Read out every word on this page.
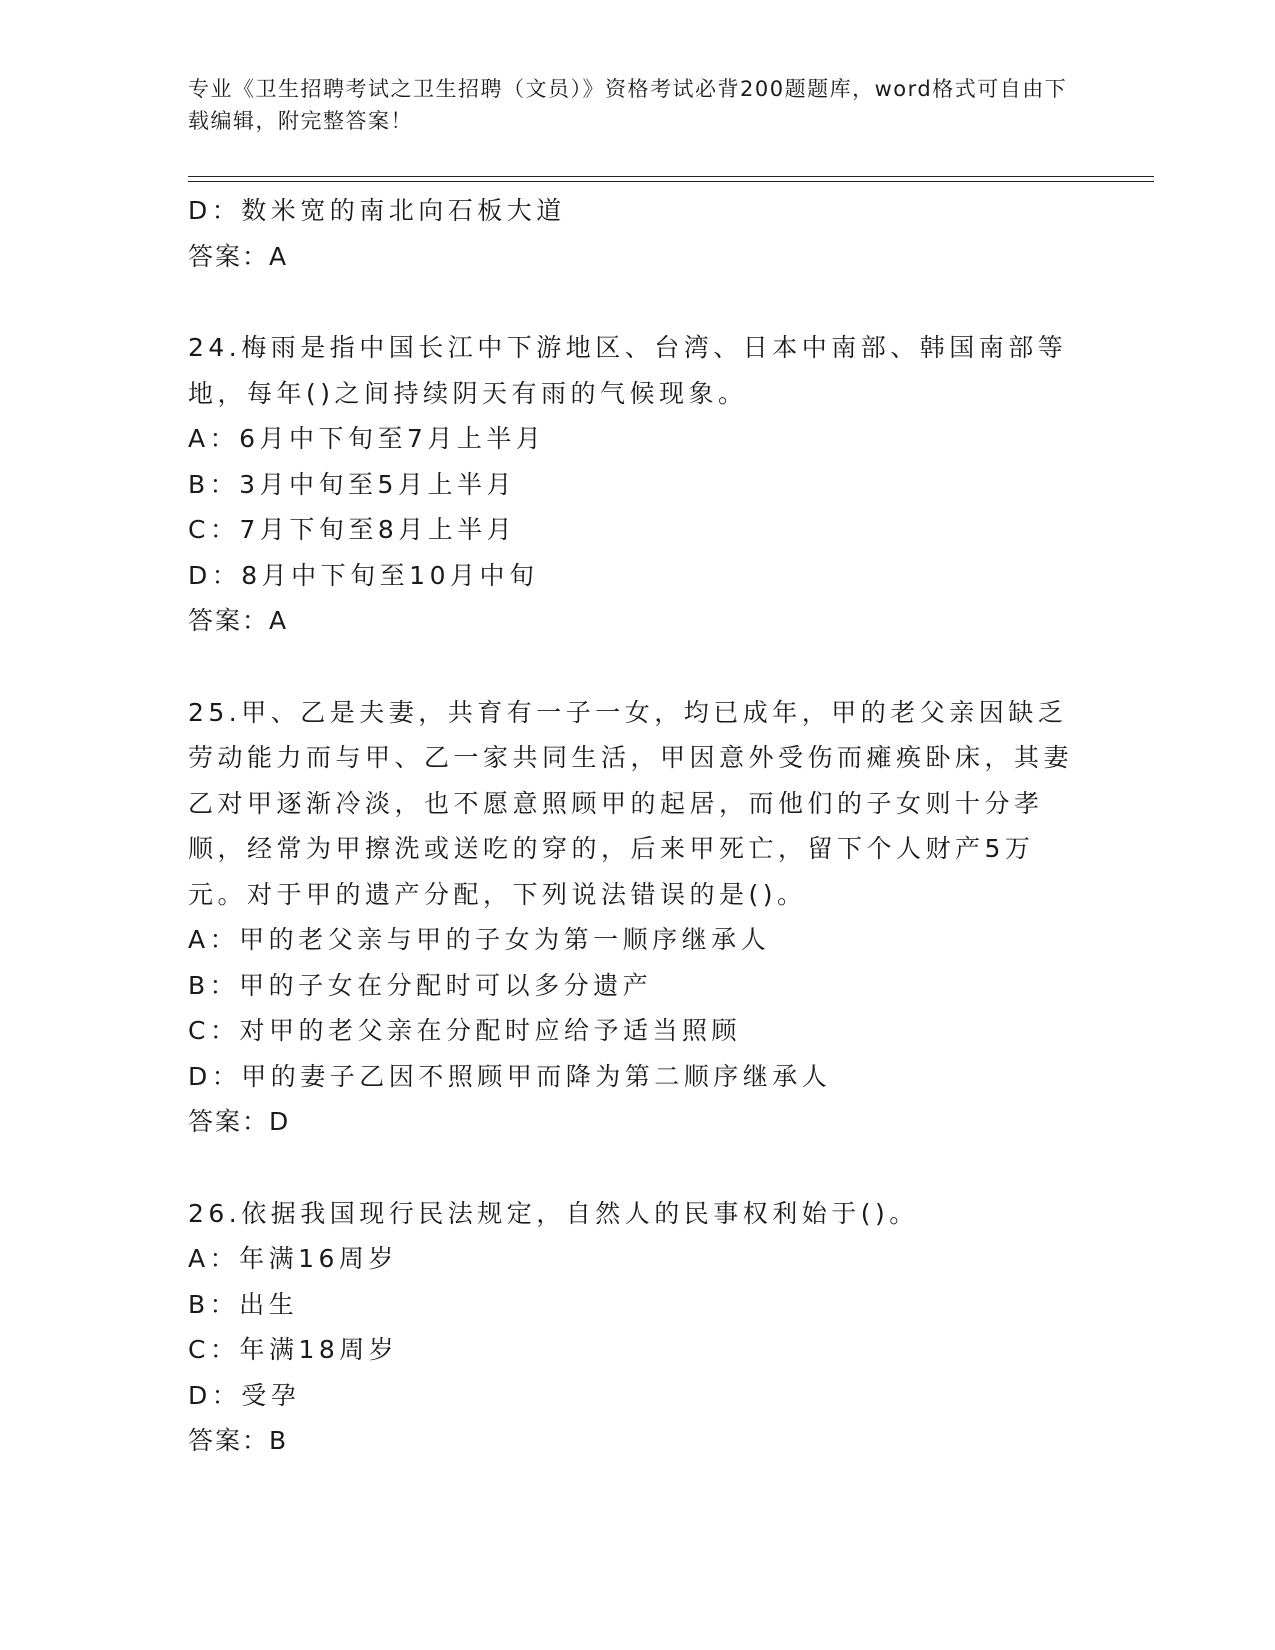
专业《卫生招聘考试之卫生招聘（文员）》资格考试必背200题题库，word格式可自由下载编辑，附完整答案！

D：数米宽的南北向石板大道

答案：A

24.梅雨是指中国长江中下游地区、台湾、日本中南部、韩国南部等地，每年()之间持续阴天有雨的气候现象。

A：6月中下旬至7月上半月

B：3月中旬至5月上半月

C：7月下旬至8月上半月

D：8月中下旬至10月中旬

答案：A

25.甲、乙是夫妻，共育有一子一女，均已成年，甲的老父亲因缺乏劳动能力而与甲、乙一家共同生活，甲因意外受伤而瘫痪卧床，其妻乙对甲逐渐冷淡，也不愿意照顾甲的起居，而他们的子女则十分孝顺，经常为甲擦洗或送吃的穿的，后来甲死亡，留下个人财产5万元。对于甲的遗产分配，下列说法错误的是()。

A：甲的老父亲与甲的子女为第一顺序继承人

B：甲的子女在分配时可以多分遗产

C：对甲的老父亲在分配时应给予适当照顾

D：甲的妻子乙因不照顾甲而降为第二顺序继承人

答案：D

26.依据我国现行民法规定，自然人的民事权利始于()。

A：年满16周岁

B：出生

C：年满18周岁

D：受孕

答案：B
